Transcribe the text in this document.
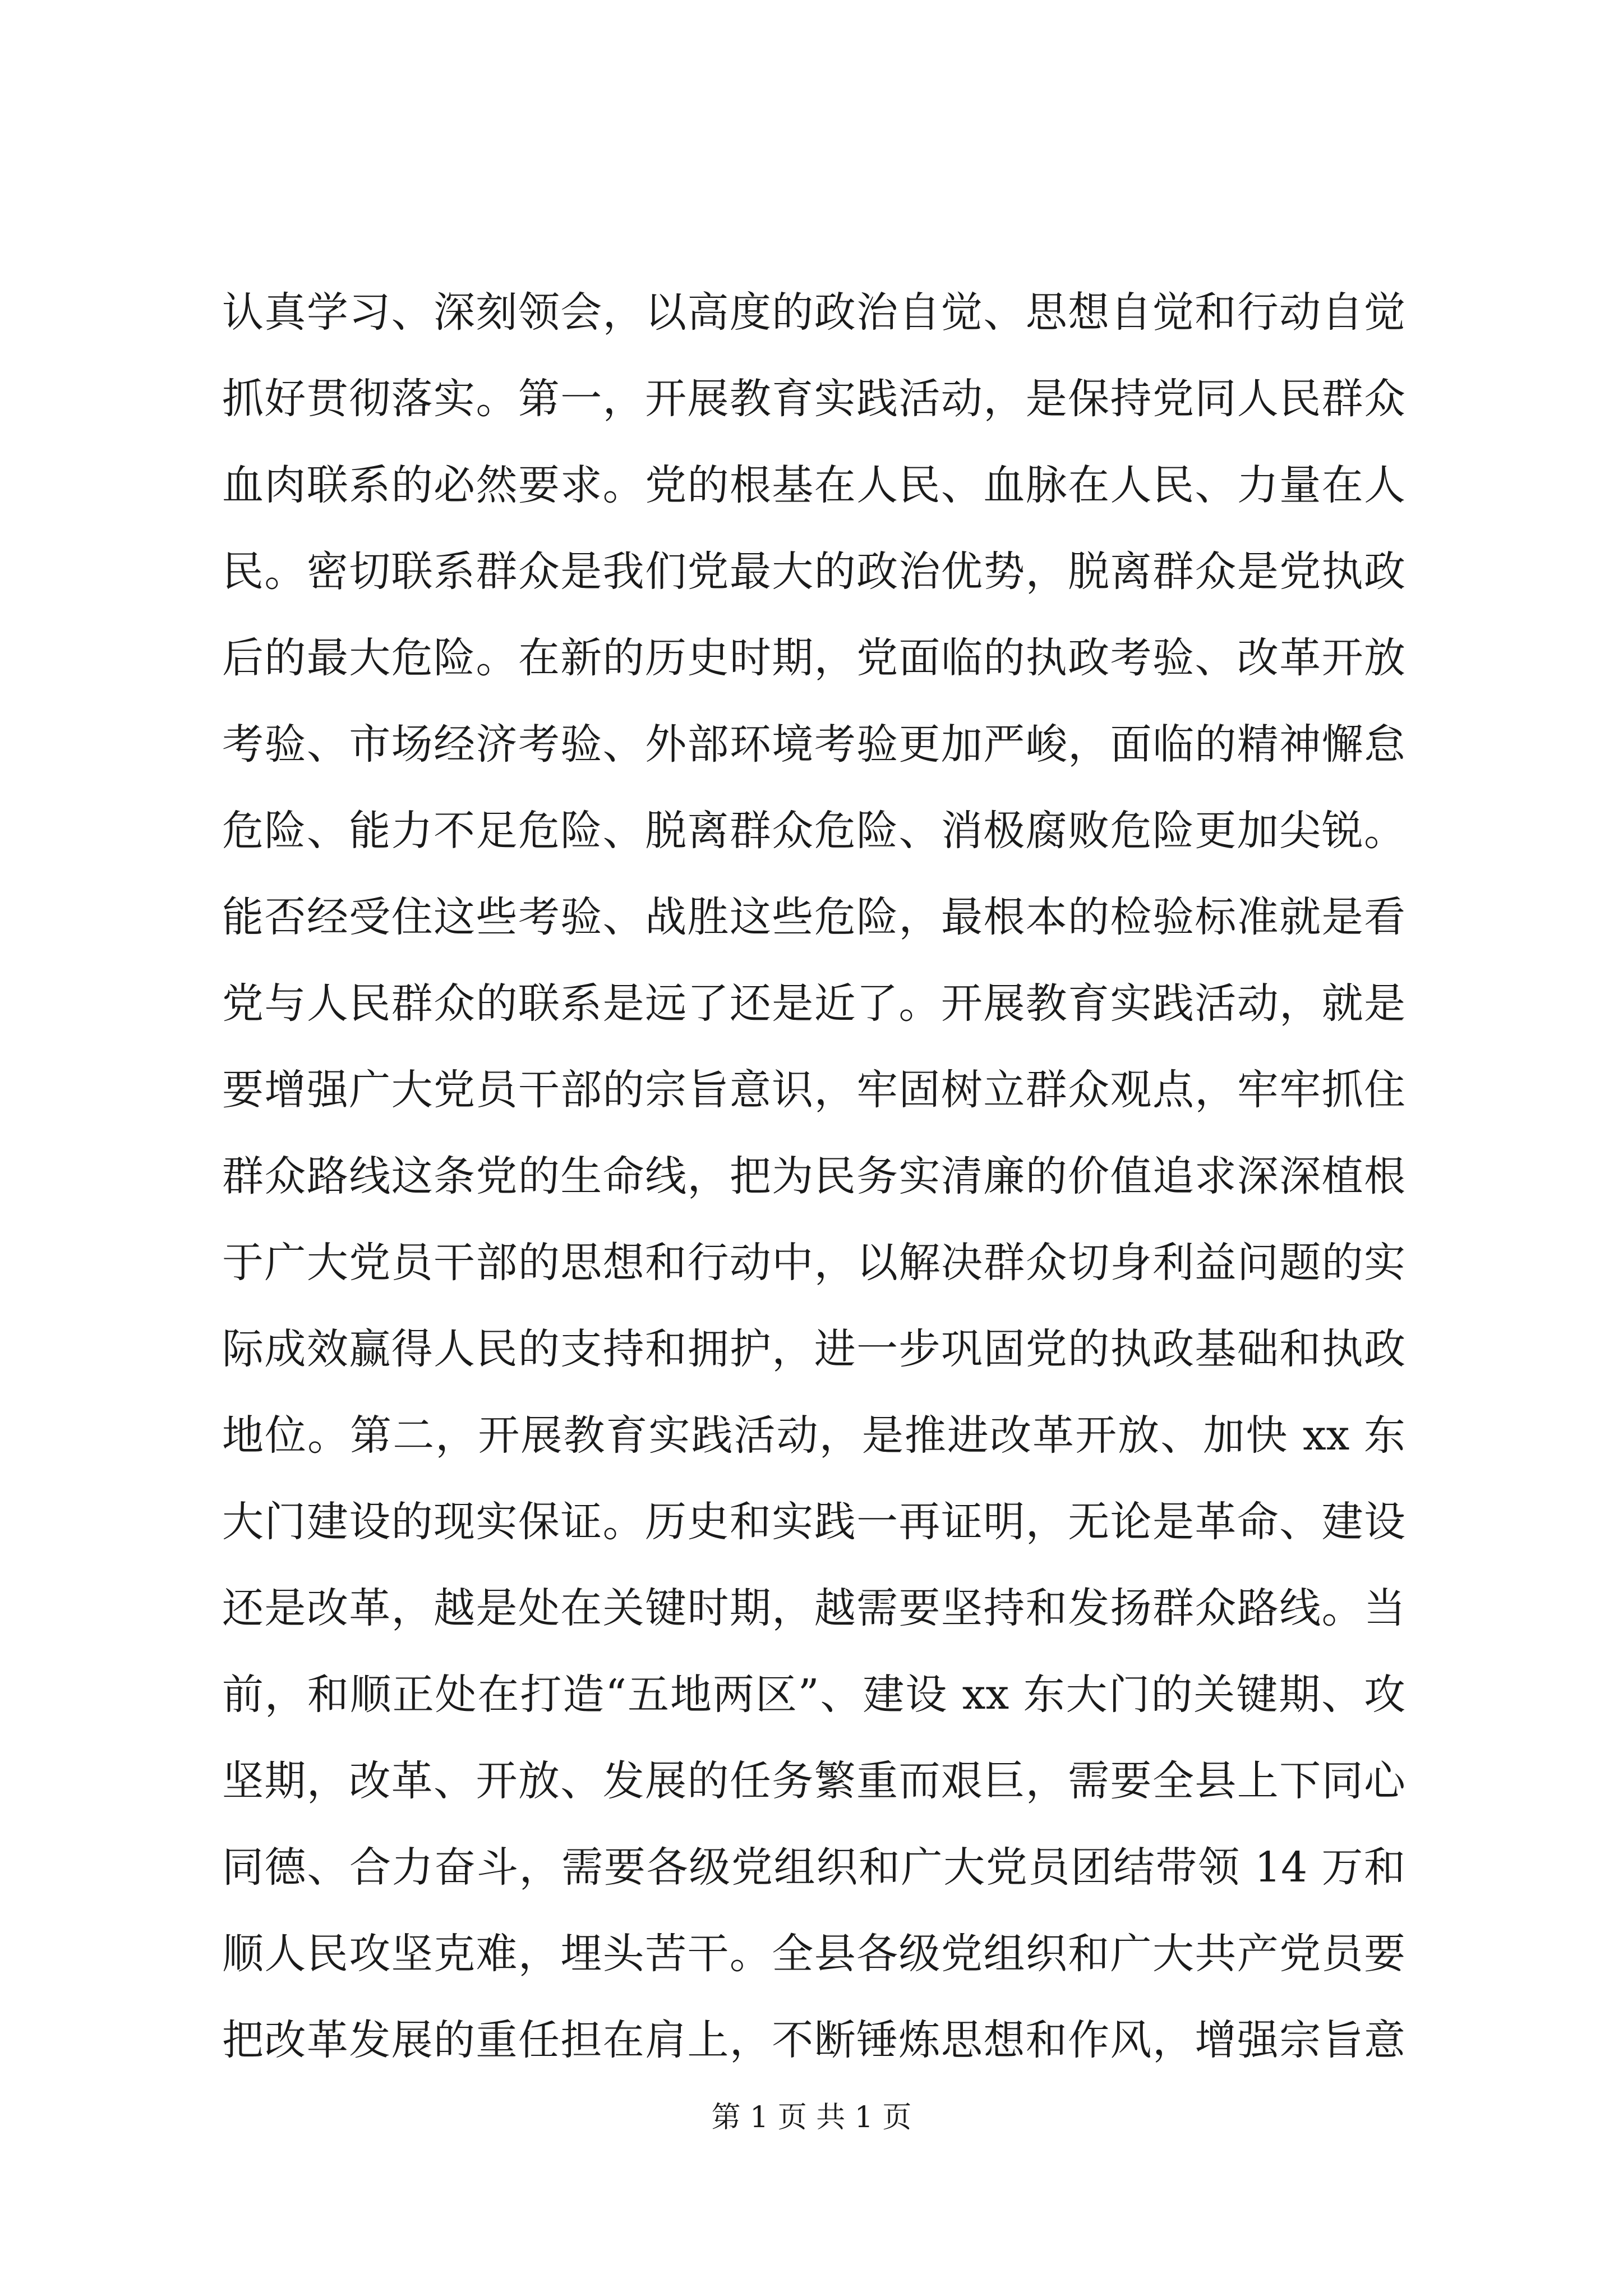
认真学习、深刻领会，以高度的政治自觉、思想自觉和行动自觉
抓好贯彻落实。第一，开展教育实践活动，是保持党同人民群众
血肉联系的必然要求。党的根基在人民、血脉在人民、力量在人
民。密切联系群众是我们党最大的政治优势，脱离群众是党执政
后的最大危险。在新的历史时期，党面临的执政考验、改革开放
考验、市场经济考验、外部环境考验更加严峻，面临的精神懈怠
危险、能力不足危险、脱离群众危险、消极腐败危险更加尖锐。
能否经受住这些考验、战胜这些危险，最根本的检验标准就是看
党与人民群众的联系是远了还是近了。开展教育实践活动，就是
要增强广大党员干部的宗旨意识，牢固树立群众观点，牢牢抓住
群众路线这条党的生命线，把为民务实清廉的价值追求深深植根
于广大党员干部的思想和行动中，以解决群众切身利益问题的实
际成效赢得人民的支持和拥护，进一步巩固党的执政基础和执政
地位。第二，开展教育实践活动，是推进改革开放、加快 xx 东
大门建设的现实保证。历史和实践一再证明，无论是革命、建设
还是改革，越是处在关键时期，越需要坚持和发扬群众路线。当
前，和顺正处在打造“五地两区”、建设 xx 东大门的关键期、攻
坚期，改革、开放、发展的任务繁重而艰巨，需要全县上下同心
同德、合力奋斗，需要各级党组织和广大党员团结带领 14 万和
顺人民攻坚克难，埋头苦干。全县各级党组织和广大共产党员要
把改革发展的重任担在肩上，不断锤炼思想和作风，增强宗旨意
第 1 页 共 1 页
